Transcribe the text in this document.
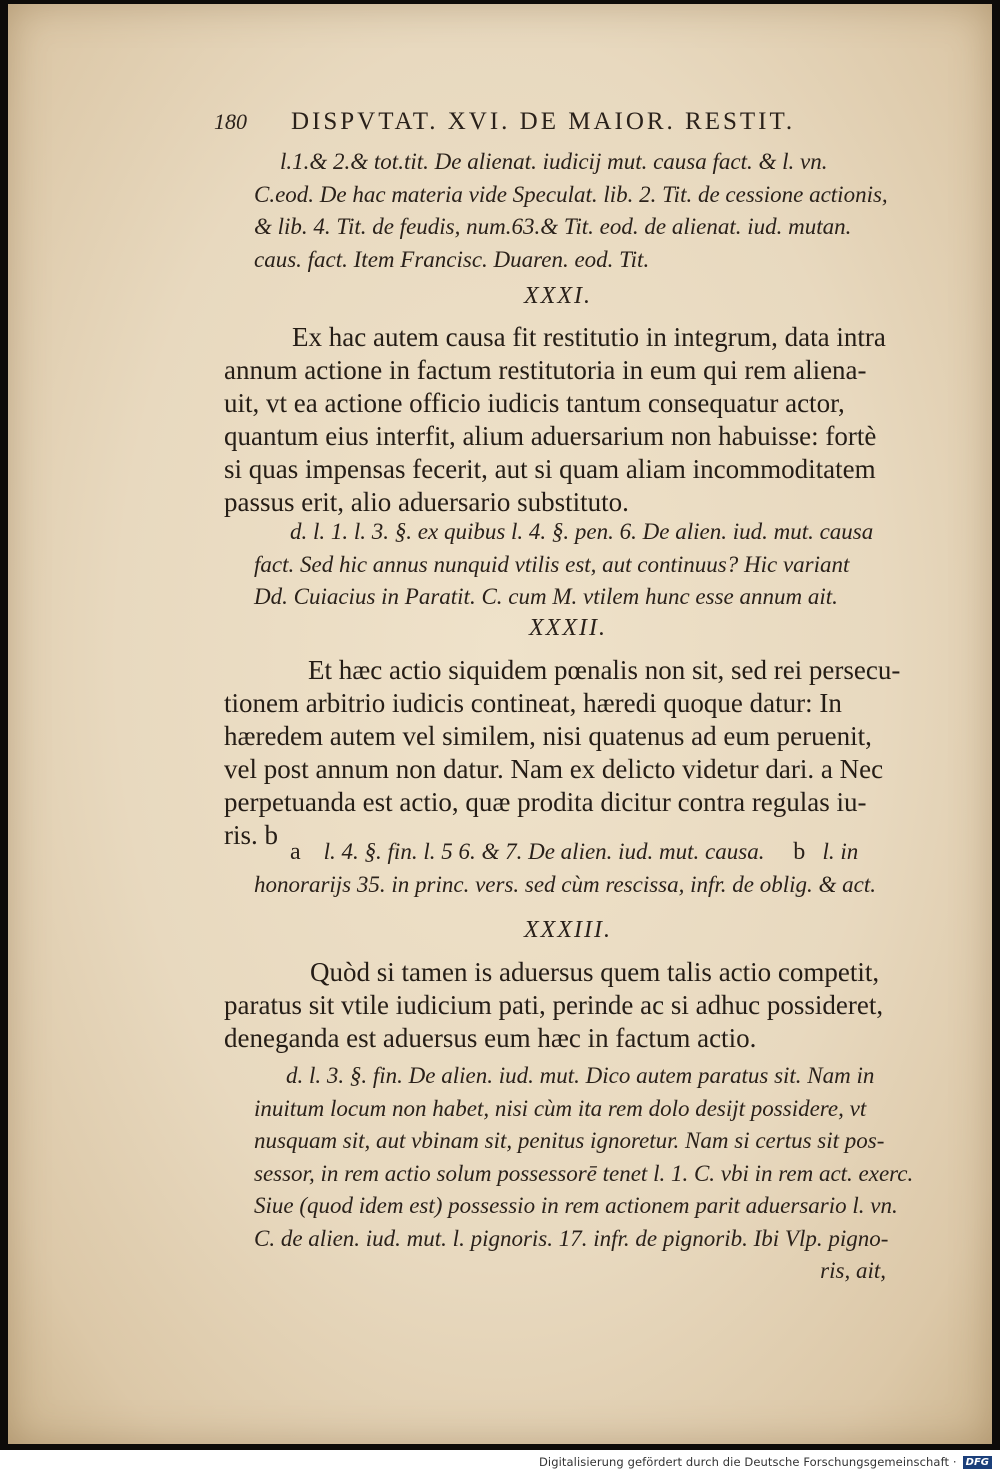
180 DISPVTAT. XVI. DE MAIOR. RESTIT.
l.1.& 2.& tot.tit. De alienat. iudicij mut. causa fact. & l. vn.
C.eod. De hac materia vide Speculat. lib. 2. Tit. de cessione actionis,
& lib. 4. Tit. de feudis, num.63.& Tit. eod. de alienat. iud. mutan.
caus. fact. Item Francisc. Duaren. eod. Tit.
XXXI.
Ex hac autem causa fit restitutio in integrum, data intra
annum actione in factum restitutoria in eum qui rem aliena-
uit, vt ea actione officio iudicis tantum consequatur actor,
quantum eius interfit, alium aduersarium non habuisse: fortè
si quas impensas fecerit, aut si quam aliam incommoditatem
passus erit, alio aduersario substituto.
d. l. 1. l. 3. §. ex quibus l. 4. §. pen. 6. De alien. iud. mut. causa
fact. Sed hic annus nunquid vtilis est, aut continuus? Hic variant
Dd. Cuiacius in Paratit. C. cum M. vtilem hunc esse annum ait.
XXXII.
Et hæc actio siquidem pœnalis non sit, sed rei persecu-
tionem arbitrio iudicis contineat, hæredi quoque datur: In
hæredem autem vel similem, nisi quatenus ad eum peruenit,
vel post annum non datur. Nam ex delicto videtur dari. a Nec
perpetuanda est actio, quæ prodita dicitur contra regulas iu-
ris. b
a l. 4. §. fin. l. 5 6. & 7. De alien. iud. mut. causa. b l. in
honorarijs 35. in princ. vers. sed cùm rescissa, infr. de oblig. & act.
XXXIII.
Quòd si tamen is aduersus quem talis actio competit,
paratus sit vtile iudicium pati, perinde ac si adhuc possideret,
deneganda est aduersus eum hæc in factum actio.
d. l. 3. §. fin. De alien. iud. mut. Dico autem paratus sit. Nam in
inuitum locum non habet, nisi cùm ita rem dolo desijt possidere, vt
nusquam sit, aut vbinam sit, penitus ignoretur. Nam si certus sit pos-
sessor, in rem actio solum possessorē tenet l. 1. C. vbi in rem act. exerc.
Siue (quod idem est) possessio in rem actionem parit aduersario l. vn.
C. de alien. iud. mut. l. pignoris. 17. infr. de pignorib. Ibi Vlp. pigno-
ris, ait,
Digitalisierung gefördert durch die Deutsche Forschungsgemeinschaft · DFG
